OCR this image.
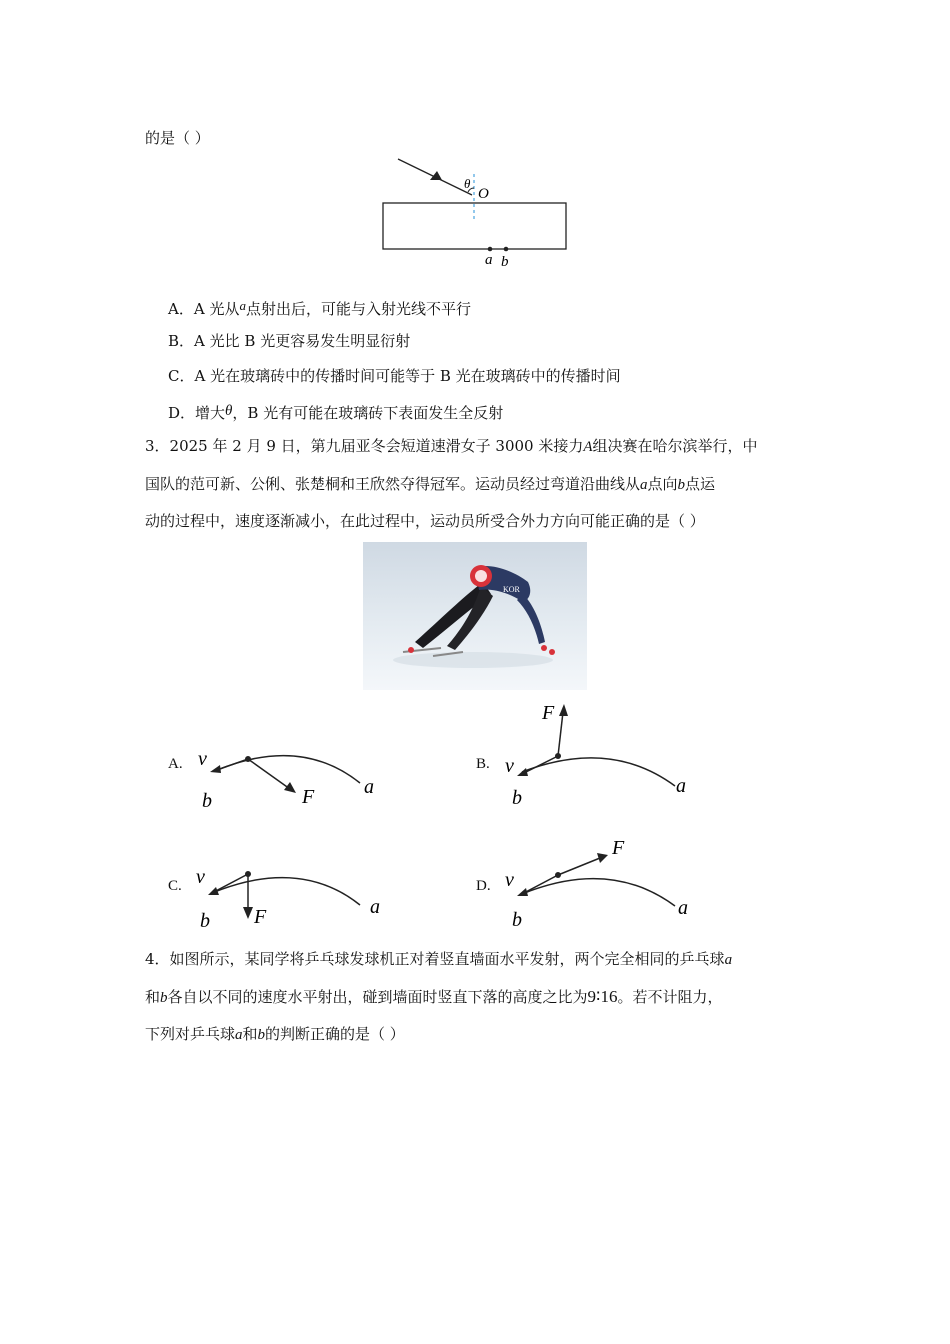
的是（ ）
θ
O
a b
A．A 光从a点射出后，可能与入射光线不平行
B．A 光比 B 光更容易发生明显衍射
C．A 光在玻璃砖中的传播时间可能等于 B 光在玻璃砖中的传播时间
D．增大θ，B 光有可能在玻璃砖下表面发生全反射
3．2025 年 2 月 9 日，第九届亚冬会短道速滑女子 3000 米接力A组决赛在哈尔滨举行，中
国队的范可新、公俐、张楚桐和王欣然夺得冠军。运动员经过弯道沿曲线从a点向b点运
动的过程中，速度逐渐减小，在此过程中，运动员所受合外力方向可能正确的是（ ）
KOR
A. v
b	F a
B. v
b
F
a
C. v
b F	a
D. v
b
F
a
4．如图所示，某同学将乒乓球发球机正对着竖直墙面水平发射，两个完全相同的乒乓球a
和b各自以不同的速度水平射出，碰到墙面时竖直下落的高度之比为9∶16。若不计阻力，
下列对乒乓球a和b的判断正确的是（ ）
